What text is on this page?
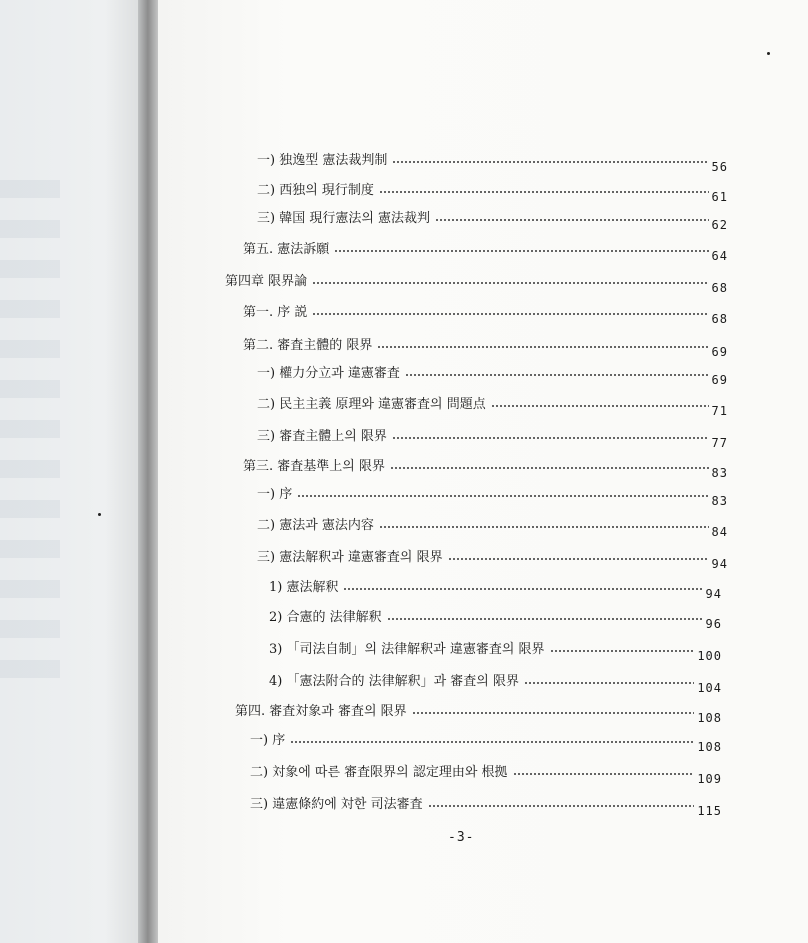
一) 独逸型 憲法裁判制	56
二) 西独의 現行制度	61
三) 韓国 現行憲法의 憲法裁判	62
第五. 憲法訴願	64
第四章 限界論	68
第一. 序 説	68
第二. 審査主體的 限界	69
一) 權力分立과 違憲審査	69
二) 民主主義 原理와 違憲審査의 問題点	71
三) 審査主體上의 限界	77
第三. 審査基準上의 限界	83
一) 序	83
二) 憲法과 憲法内容	84
三) 憲法解釈과 違憲審査의 限界	94
1) 憲法解釈	94
2) 合憲的 法律解釈	96
3) 「司法自制」의 法律解釈과 違憲審査의 限界	100
4) 「憲法附合的 法律解釈」과 審査의 限界	104
第四. 審査対象과 審査의 限界	108
一) 序	108
二) 対象에 따른 審査限界의 認定理由와 根拠	109
三) 違憲條約에 対한 司法審査	115
-3-
